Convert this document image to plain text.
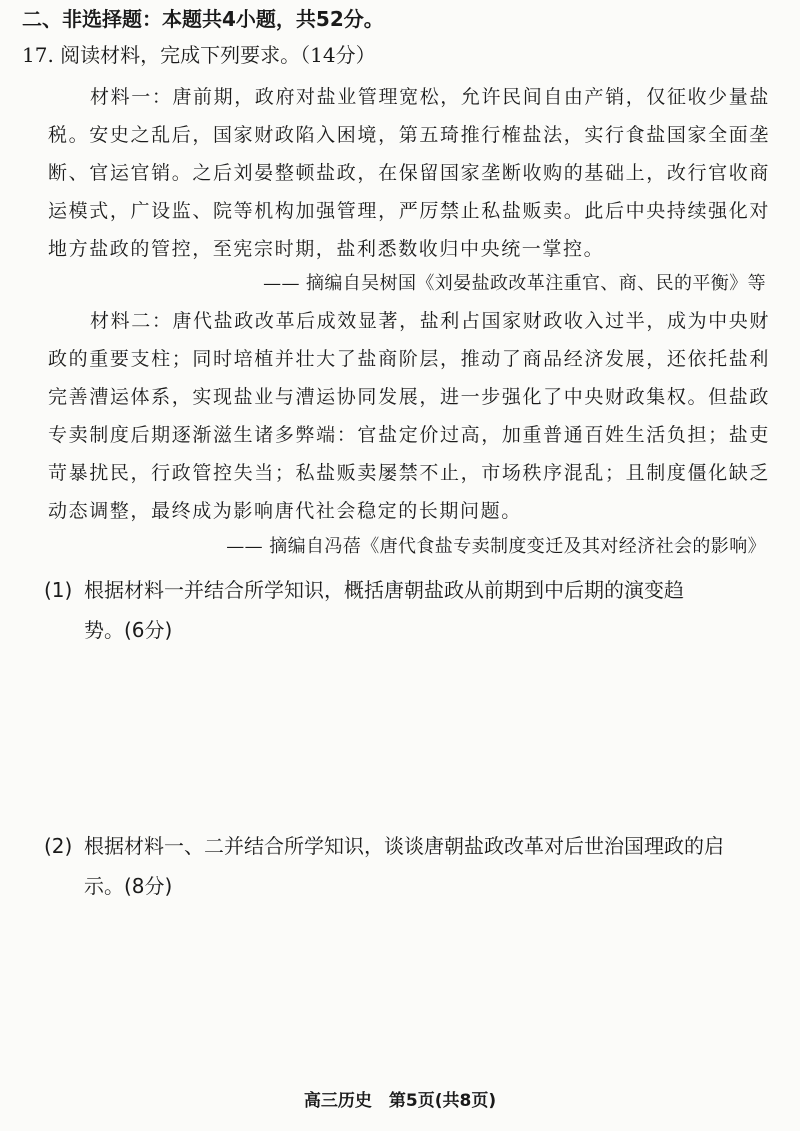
二、非选择题：本题共4小题，共52分。
17. 阅读材料，完成下列要求。（14分）

材料一：唐前期，政府对盐业管理宽松，允许民间自由产销，仅征收少量盐税。安史之乱后，国家财政陷入困境，第五琦推行榷盐法，实行食盐国家全面垄断、官运官销。之后刘晏整顿盐政，在保留国家垄断收购的基础上，改行官收商运模式，广设监、院等机构加强管理，严厉禁止私盐贩卖。此后中央持续强化对地方盐政的管控，至宪宗时期，盐利悉数收归中央统一掌控。

—— 摘编自吴树国《刘晏盐政改革注重官、商、民的平衡》等

材料二：唐代盐政改革后成效显著，盐利占国家财政收入过半，成为中央财政的重要支柱；同时培植并壮大了盐商阶层，推动了商品经济发展，还依托盐利完善漕运体系，实现盐业与漕运协同发展，进一步强化了中央财政集权。但盐政专卖制度后期逐渐滋生诸多弊端：官盐定价过高，加重普通百姓生活负担；盐吏苛暴扰民，行政管控失当；私盐贩卖屡禁不止，市场秩序混乱；且制度僵化缺乏动态调整，最终成为影响唐代社会稳定的长期问题。

—— 摘编自冯蓓《唐代食盐专卖制度变迁及其对经济社会的影响》
(1) 根据材料一并结合所学知识，概括唐朝盐政从前期到中后期的演变趋
势。(6分)
(2) 根据材料一、二并结合所学知识，谈谈唐朝盐政改革对后世治国理政的启
示。(8分)
高三历史　第5页(共8页)
